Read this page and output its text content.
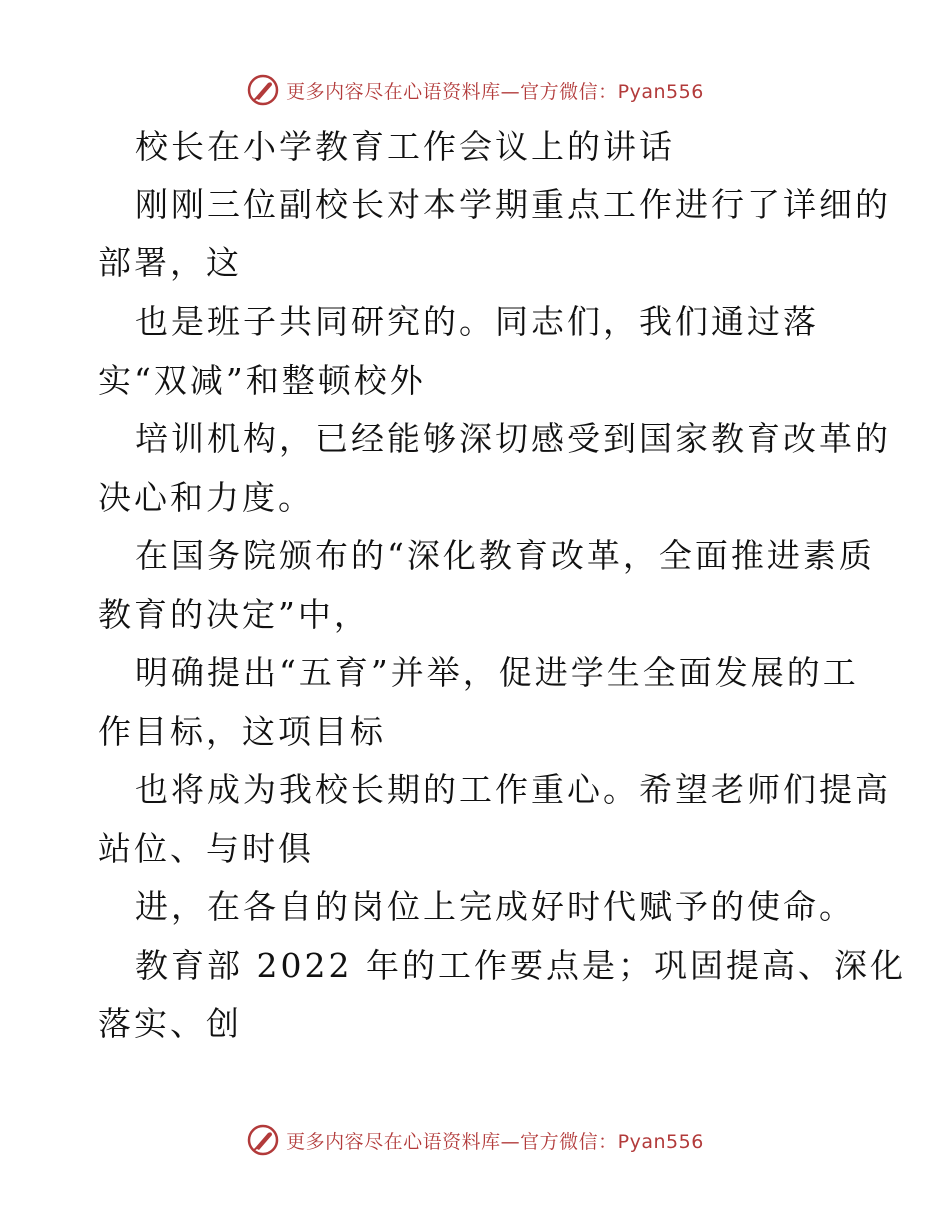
更多内容尽在心语资料库—官方微信：Pyan556
校长在小学教育工作会议上的讲话
刚刚三位副校长对本学期重点工作进行了详细的
部署，这
也是班子共同研究的。同志们，我们通过落
实“双减”和整顿校外
培训机构，已经能够深切感受到国家教育改革的
决心和力度。
在国务院颁布的“深化教育改革，全面推进素质
教育的决定”中，
明确提出“五育”并举，促进学生全面发展的工
作目标，这项目标
也将成为我校长期的工作重心。希望老师们提高
站位、与时俱
进，在各自的岗位上完成好时代赋予的使命。
教育部 2022 年的工作要点是；巩固提高、深化
落实、创
更多内容尽在心语资料库—官方微信：Pyan556
